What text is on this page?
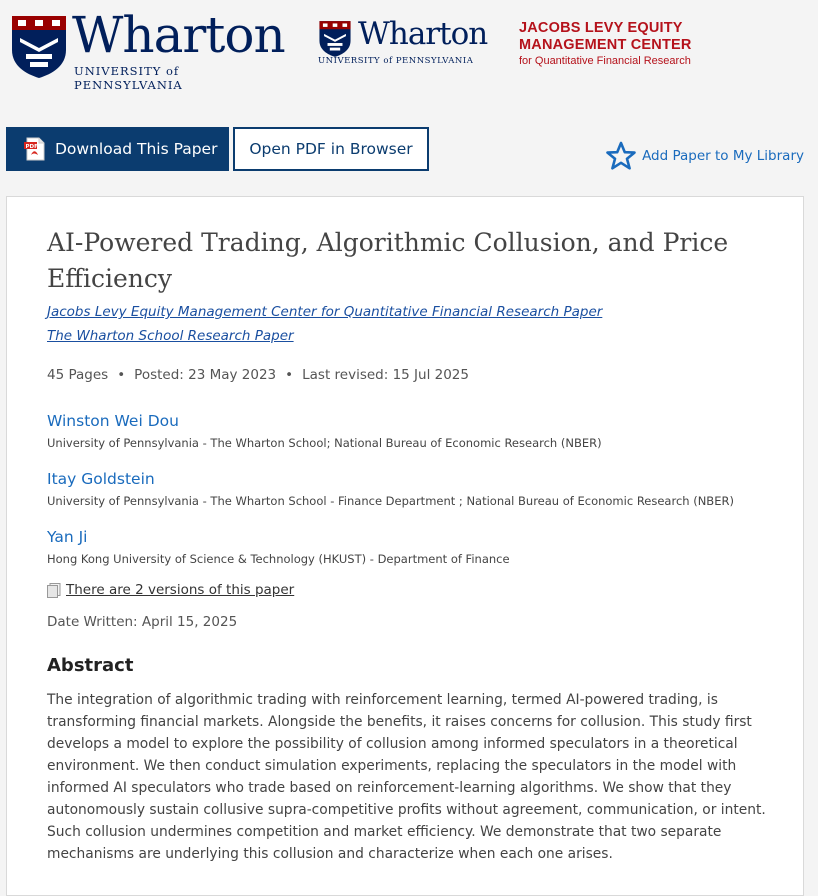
Wharton
UNIVERSITY of PENNSYLVANIA
Wharton
UNIVERSITY of PENNSYLVANIA
JACOBS LEVY EQUITY
MANAGEMENT CENTER
for Quantitative Financial Research
PDF Download This Paper	Open PDF in Browser	Add Paper to My Library
AI-Powered Trading, Algorithmic Collusion, and Price Efficiency
Jacobs Levy Equity Management Center for Quantitative Financial Research Paper
The Wharton School Research Paper
45 Pages • Posted: 23 May 2023 • Last revised: 15 Jul 2025
Winston Wei Dou
University of Pennsylvania - The Wharton School; National Bureau of Economic Research (NBER)
Itay Goldstein
University of Pennsylvania - The Wharton School - Finance Department ; National Bureau of Economic Research (NBER)
Yan Ji
Hong Kong University of Science & Technology (HKUST) - Department of Finance
There are 2 versions of this paper
Date Written: April 15, 2025
Abstract

The integration of algorithmic trading with reinforcement learning, termed AI-powered trading, is transforming financial markets. Alongside the benefits, it raises concerns for collusion. This study first develops a model to explore the possibility of collusion among informed speculators in a theoretical environment. We then conduct simulation experiments, replacing the speculators in the model with informed AI speculators who trade based on reinforcement-learning algorithms. We show that they autonomously sustain collusive supra-competitive profits without agreement, communication, or intent. Such collusion undermines competition and market efficiency. We demonstrate that two separate mechanisms are underlying this collusion and characterize when each one arises.
